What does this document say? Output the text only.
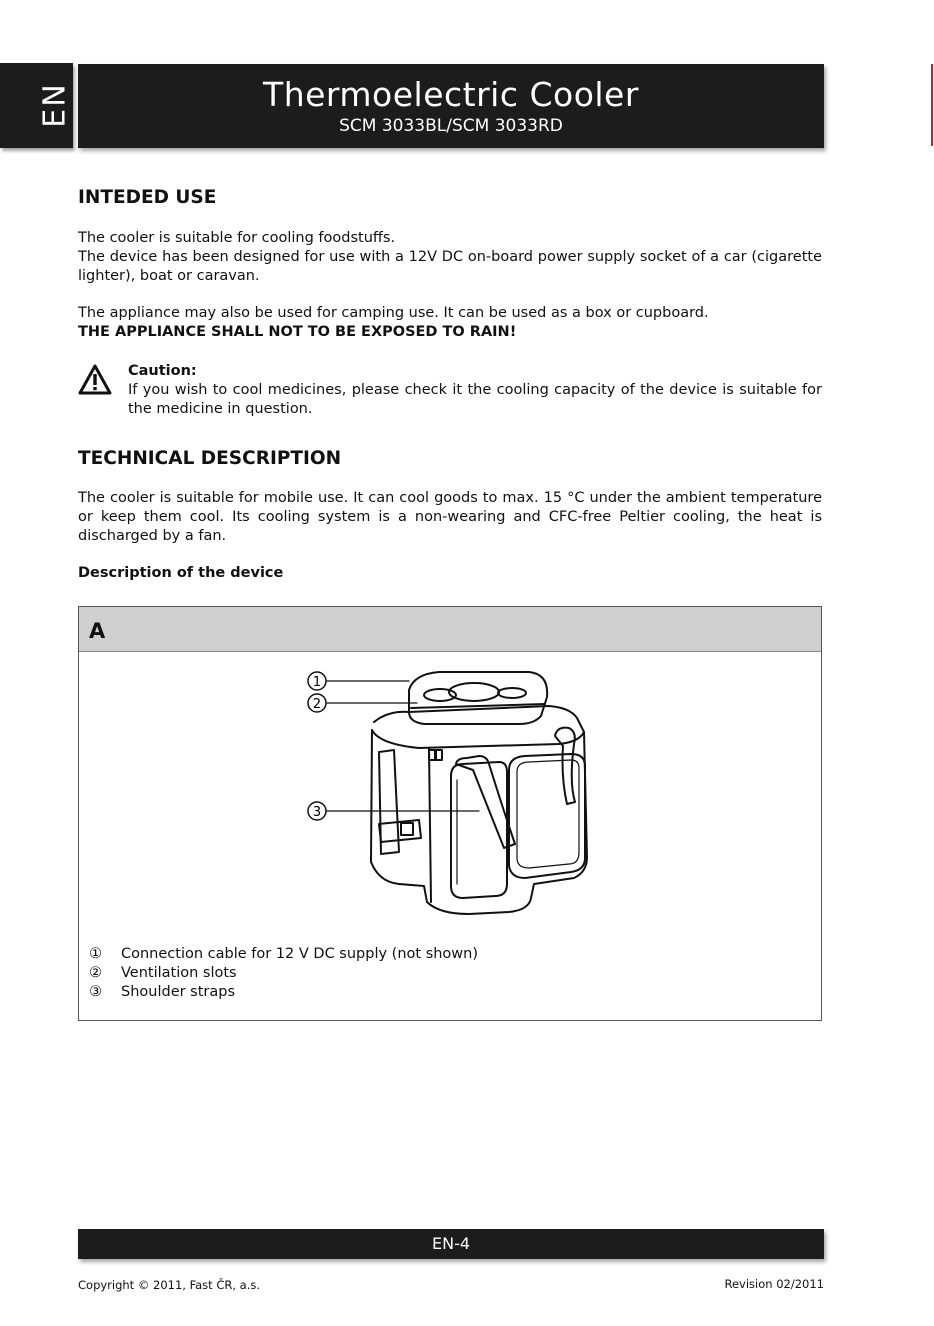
EN	Thermoelectric Cooler
SCM 3033BL/SCM 3033RD
INTEDED USE

The cooler is suitable for cooling foodstuffs.

The device has been designed for use with a 12V DC on-board power supply socket of a car (cigarette lighter), boat or caravan.

The appliance may also be used for camping use. It can be used as a box or cupboard.

THE APPLIANCE SHALL NOT TO BE EXPOSED TO RAIN!

Caution:

If you wish to cool medicines, please check it the cooling capacity of the device is suitable for the medicine in question.

TECHNICAL DESCRIPTION

The cooler is suitable for mobile use. It can cool goods to max. 15 °C under the ambient temperature or keep them cool. Its cooling system is a non-wearing and CFC-free Peltier cooling, the heat is discharged by a fan.

Description of the device

A
1
2
3
①	Connection cable for 12 V DC supply (not shown)
②	Ventilation slots
③	Shoulder straps
EN-4
Copyright © 2011, Fast ČR, a.s.	Revision 02/2011
